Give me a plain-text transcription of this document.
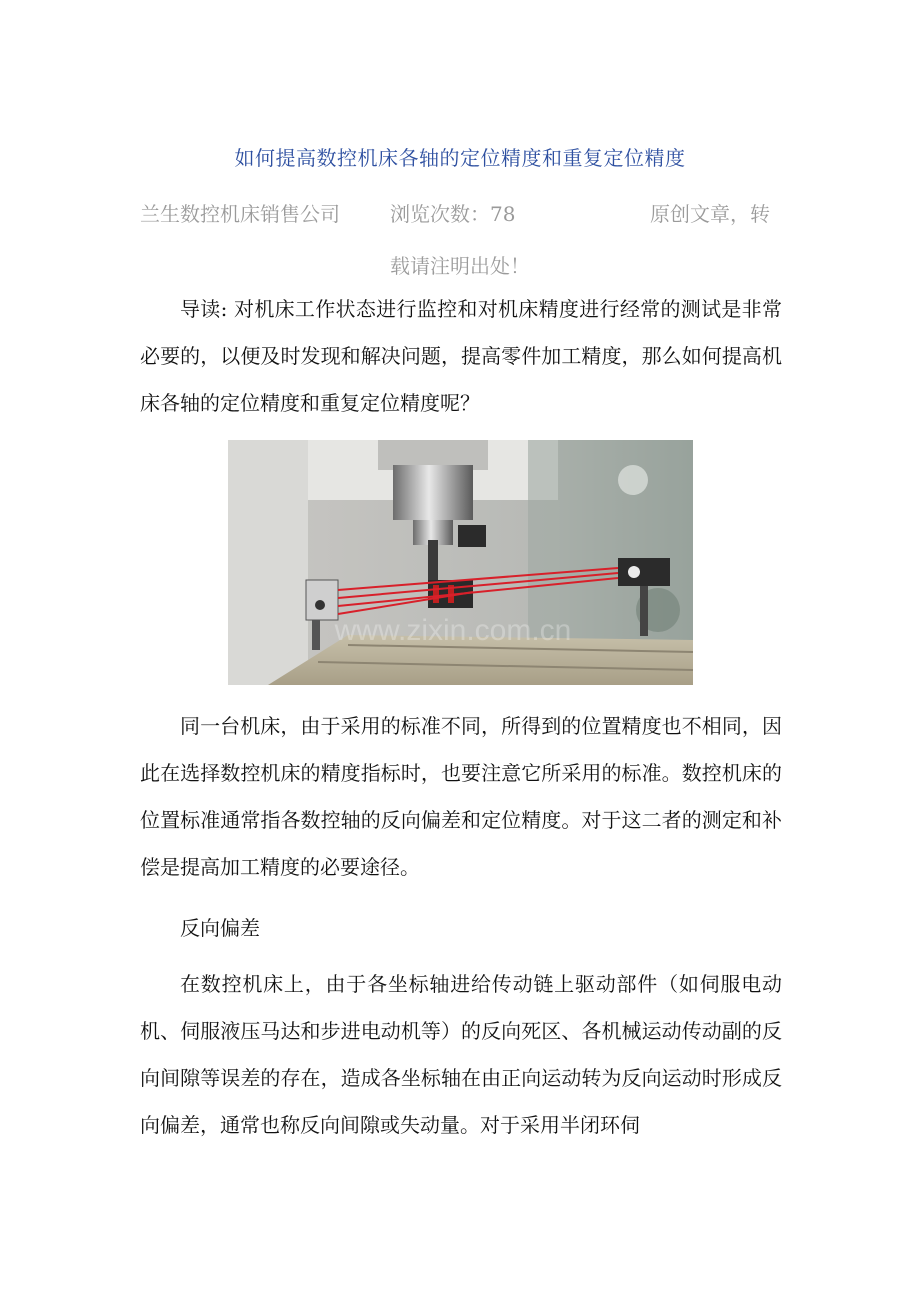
如何提高数控机床各轴的定位精度和重复定位精度
兰生数控机床销售公司	浏览次数：78	原创文章，转
载请注明出处！

导读: 对机床工作状态进行监控和对机床精度进行经常的测试是非常必要的，以便及时发现和解决问题，提高零件加工精度，那么如何提高机床各轴的定位精度和重复定位精度呢？

www.zixin.com.cn

同一台机床，由于采用的标准不同，所得到的位置精度也不相同，因此在选择数控机床的精度指标时，也要注意它所采用的标准。数控机床的位置标准通常指各数控轴的反向偏差和定位精度。对于这二者的测定和补偿是提高加工精度的必要途径。

反向偏差

在数控机床上，由于各坐标轴进给传动链上驱动部件（如伺服电动机、伺服液压马达和步进电动机等）的反向死区、各机械运动传动副的反向间隙等误差的存在，造成各坐标轴在由正向运动转为反向运动时形成反向偏差，通常也称反向间隙或失动量。对于采用半闭环伺
